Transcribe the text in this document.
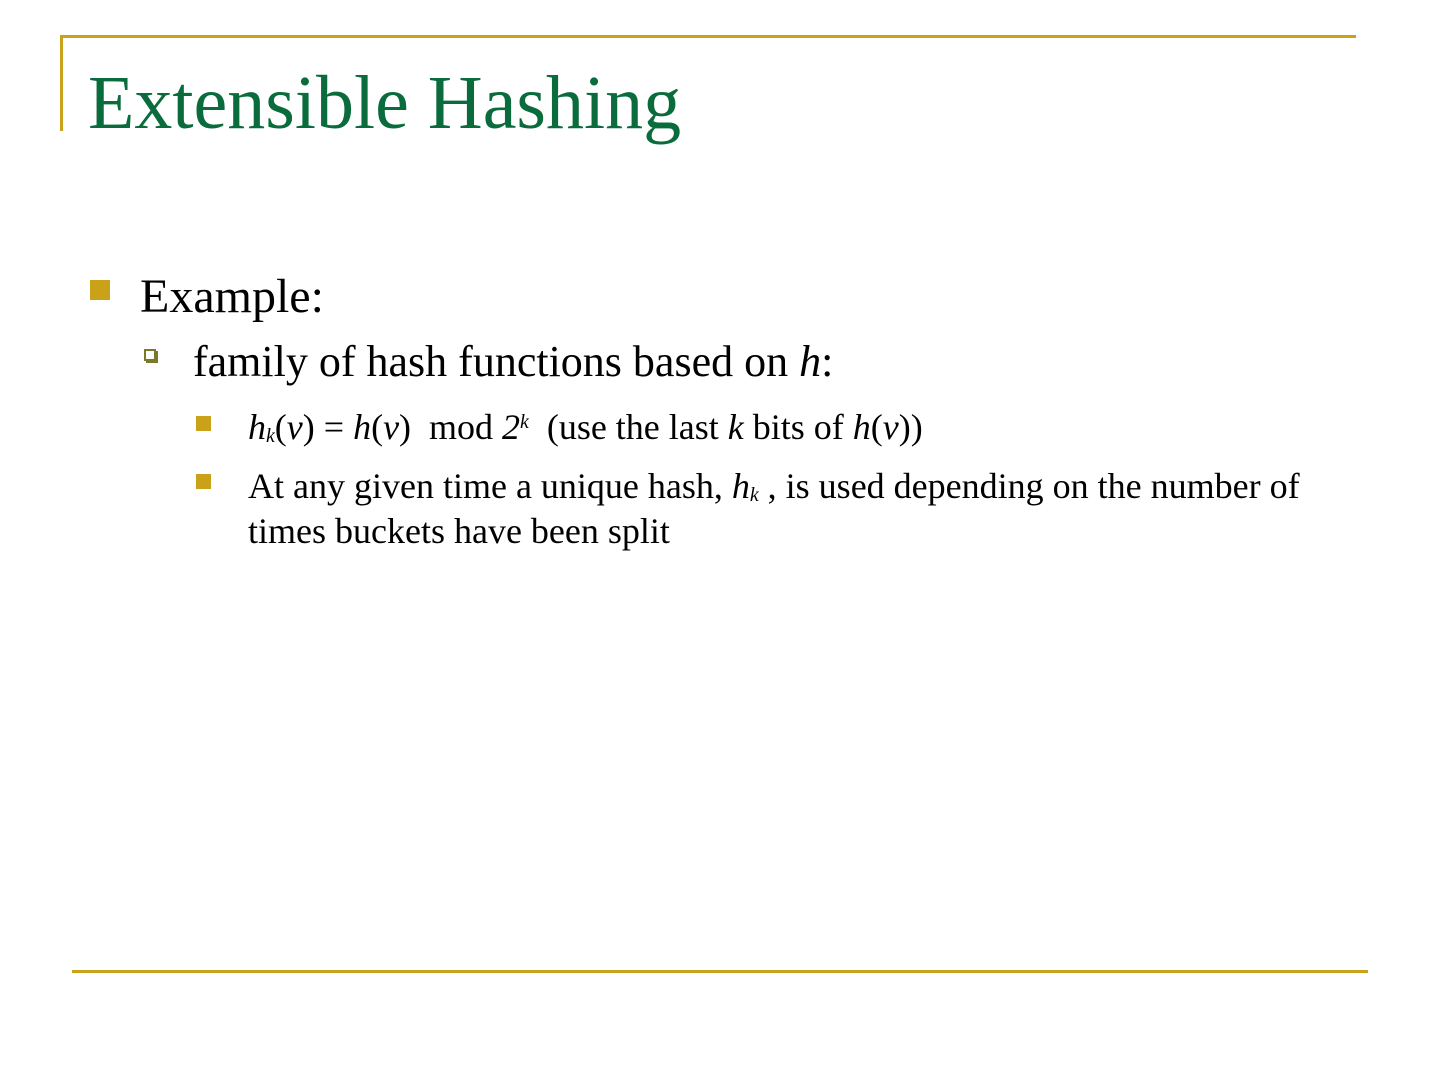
Extensible Hashing
Example:
family of hash functions based on h:
$h_k(v) = h(v)$  mod 2$^k$  (use the last k bits of h(v))
At any given time a unique hash, $h_k$ , is used depending on the number of times buckets have been split
